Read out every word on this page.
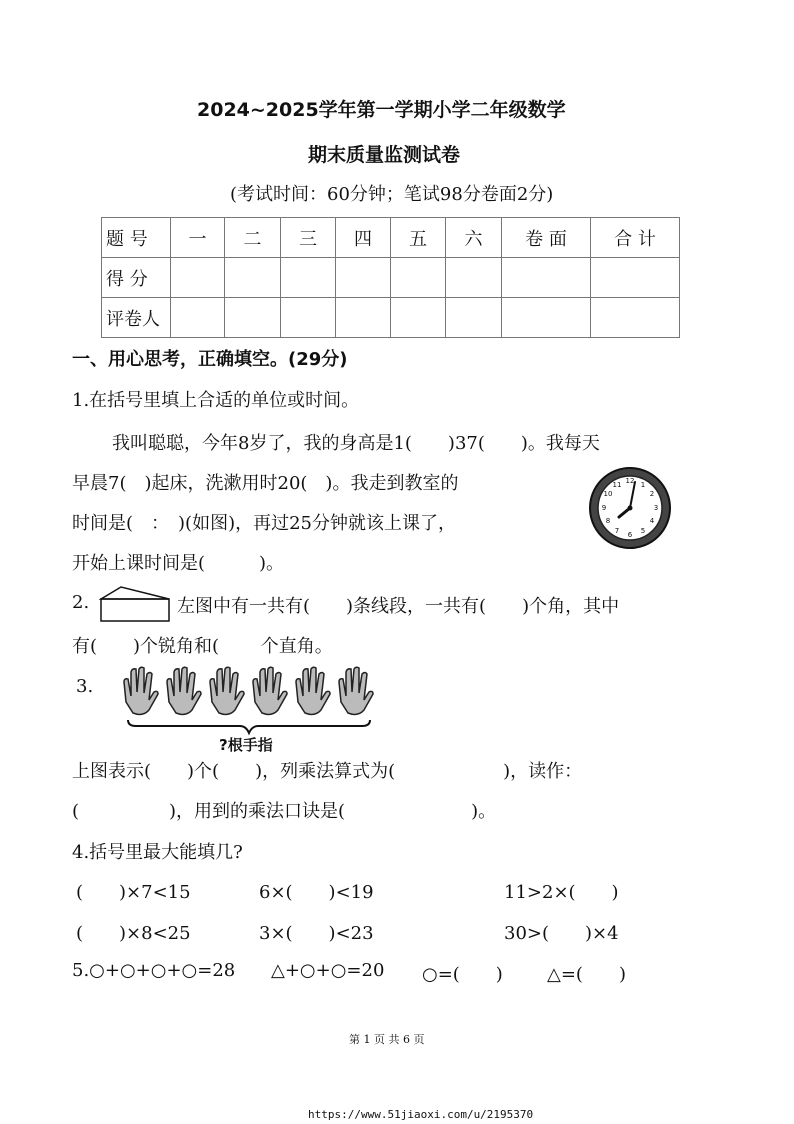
2024~2025学年第一学期小学二年级数学
期末质量监测试卷
(考试时间：60分钟；笔试98分卷面2分)
题 号	一	二	三	四	五	六	卷 面	合 计
得 分								
评卷人								
一、用心思考，正确填空。(29分)
1.在括号里填上合适的单位或时间。
我叫聪聪，今年8岁了，我的身高是1(　　)37(　　)。我每天
早晨7(　)起床，洗漱用时20(　)。我走到教室的
时间是(　：　)(如图)，再过25分钟就该上课了，
开始上课时间是(　　　)。
12 1
2
3
4
5
6
7
8
9
10
11
2.	左图中有一共有(　　)条线段，一共有(　　)个角，其中
有(　　)个锐角和(　　 个直角。
3.
?根手指
上图表示(　　)个(　　)，列乘法算式为(　　　　　　)，读作：
(　　　　　)，用到的乘法口诀是(　　　　　　　)。
4.括号里最大能填几?
(　　)×7<15	6×(　　)<19	11>2×(　　)
(　　)×8<25	3×(　　)<23	30>(　　)×4
5.○+○+○+○=28 △+○+○=20 ○=(　　) △=(　　)
第 1 页 共 6 页
https://www.51jiaoxi.com/u/2195370
